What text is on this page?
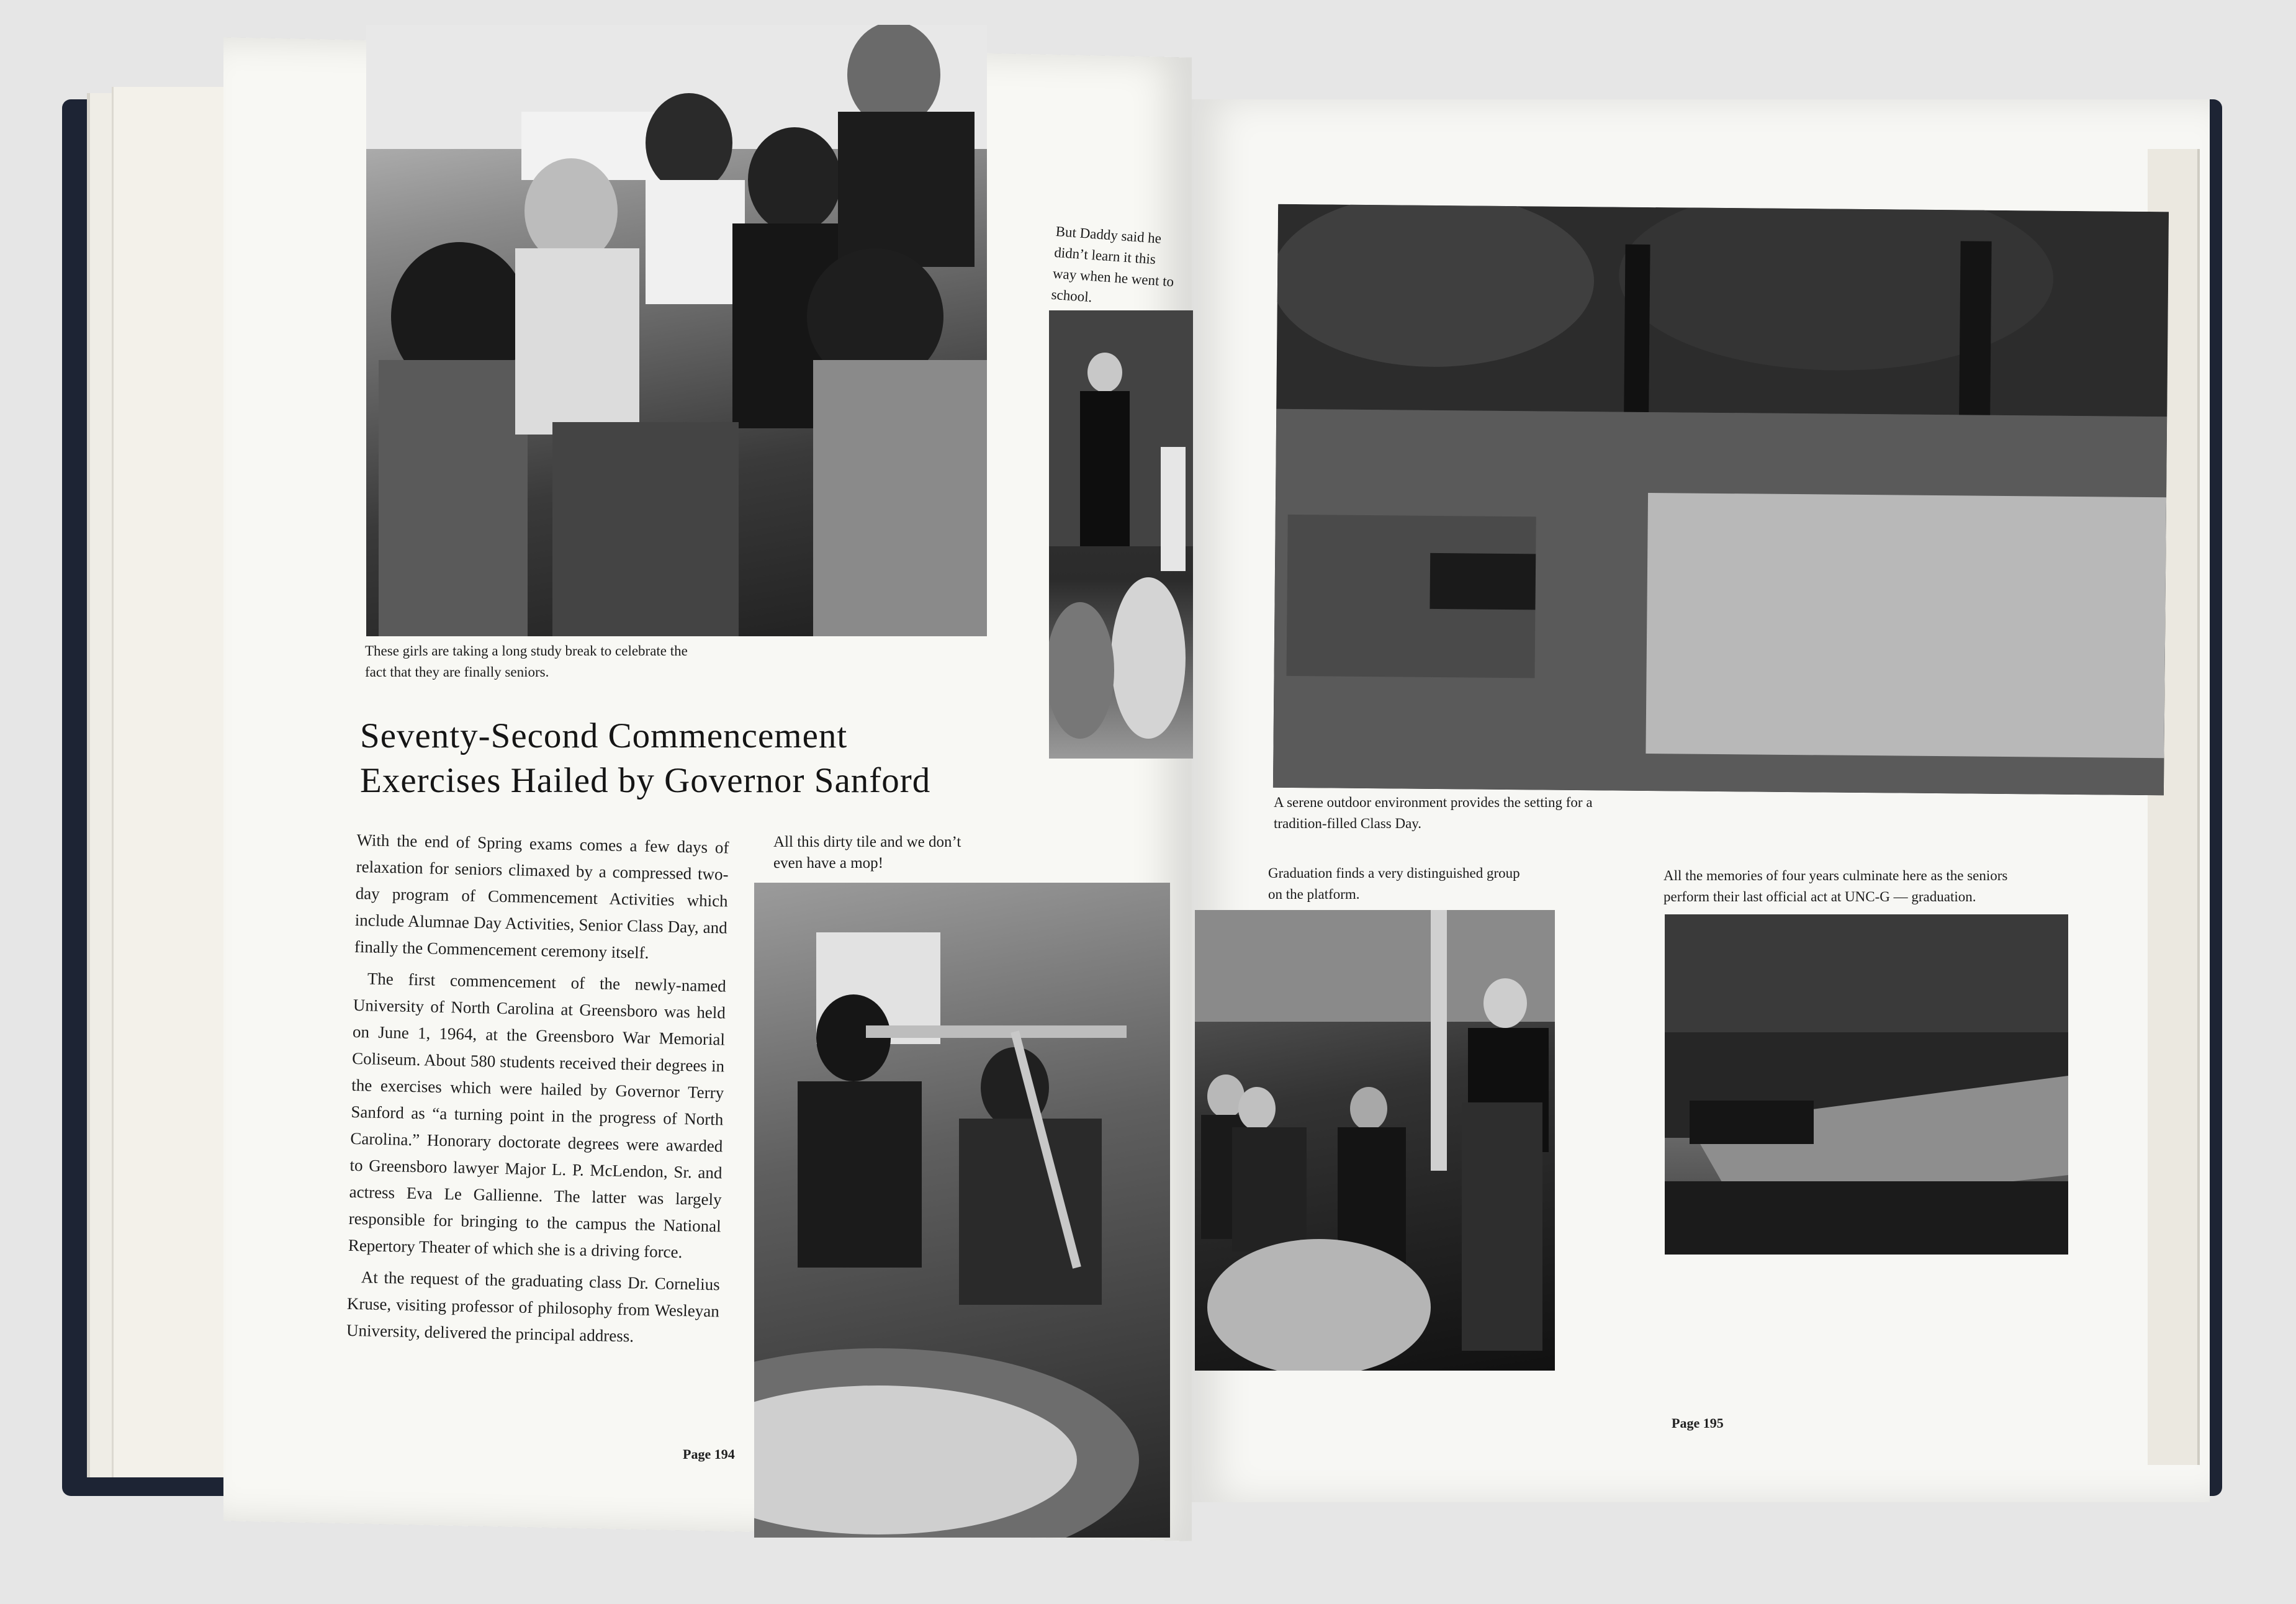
These girls are taking a long study break to celebrate the fact that they are finally seniors.
But Daddy said he didn’t learn it this way when he went to school.
Seventy-Second Commencement
Exercises Hailed by Governor Sanford

With the end of Spring exams comes a few days of relaxation for seniors climaxed by a compressed two-day program of Commencement Activities which include Alumnae Day Activities, Senior Class Day, and finally the Commencement ceremony itself.

The first commencement of the newly-named University of North Carolina at Greensboro was held on June 1, 1964, at the Greensboro War Memorial Coliseum. About 580 students received their degrees in the exercises which were hailed by Governor Terry Sanford as “a turning point in the progress of North Carolina.” Honorary doctorate degrees were awarded to Greensboro lawyer Major L. P. McLendon, Sr. and actress Eva Le Gallienne. The latter was largely responsible for bringing to the campus the National Repertory Theater of which she is a driving force.

At the request of the graduating class Dr. Cornelius Kruse, visiting professor of philosophy from Wesleyan University, delivered the principal address.

All this dirty tile and we don’t even have a mop!
Page 194
A serene outdoor environment provides the setting for a tradition-filled Class Day.
Graduation finds a very distinguished group on the platform.
All the memories of four years culminate here as the seniors perform their last official act at UNC-G — graduation.
Page 195
